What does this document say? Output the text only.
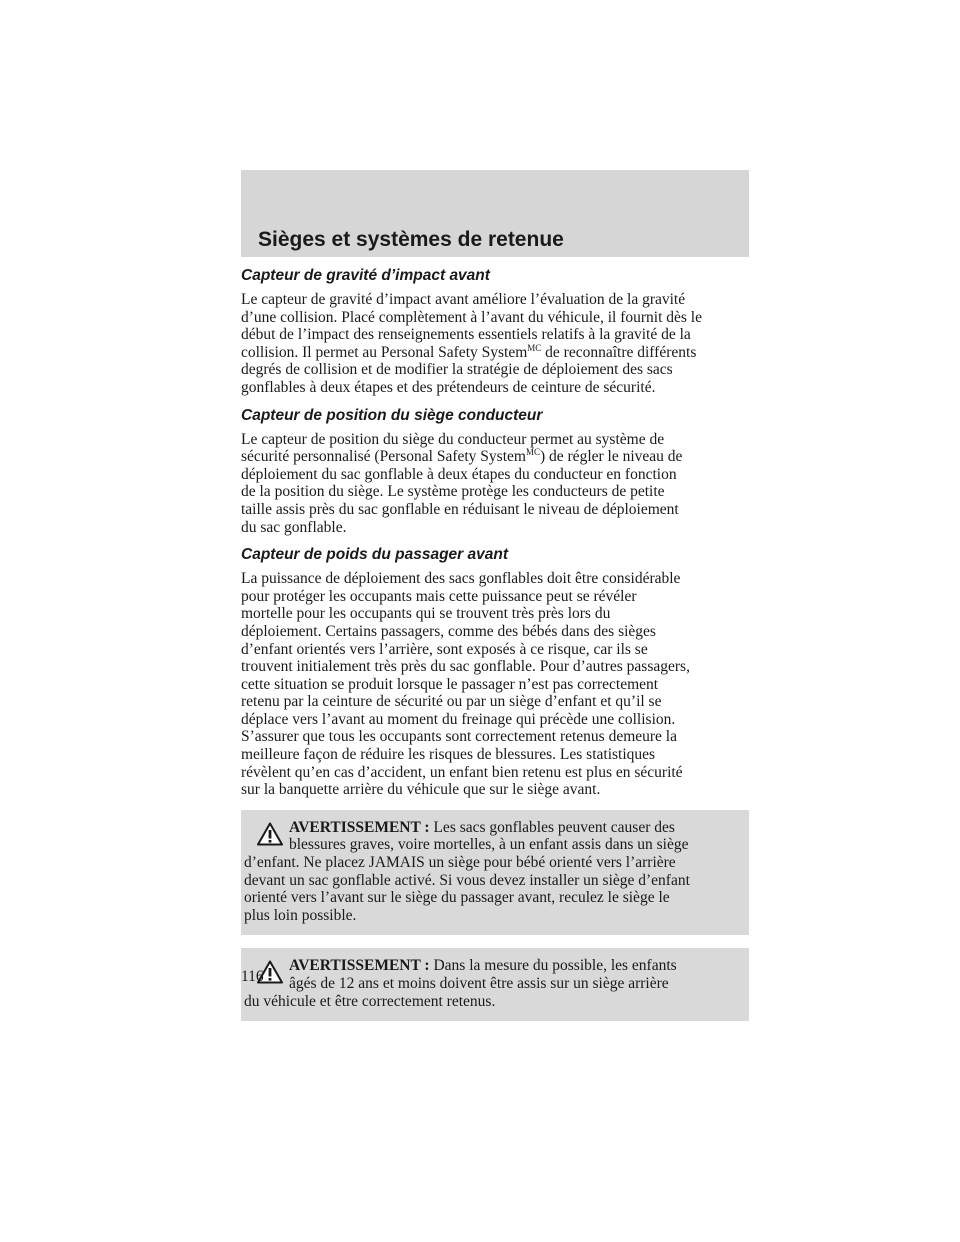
Sièges et systèmes de retenue
Capteur de gravité d’impact avant
Le capteur de gravité d’impact avant améliore l’évaluation de la gravité
d’une collision. Placé complètement à l’avant du véhicule, il fournit dès le
début de l’impact des renseignements essentiels relatifs à la gravité de la
collision. Il permet au Personal Safety System$^{MC}$ de reconnaître différents
degrés de collision et de modifier la stratégie de déploiement des sacs
gonflables à deux étapes et des prétendeurs de ceinture de sécurité.
Capteur de position du siège conducteur
Le capteur de position du siège du conducteur permet au système de
sécurité personnalisé (Personal Safety System$^{MC}$) de régler le niveau de
déploiement du sac gonflable à deux étapes du conducteur en fonction
de la position du siège. Le système protège les conducteurs de petite
taille assis près du sac gonflable en réduisant le niveau de déploiement
du sac gonflable.
Capteur de poids du passager avant
La puissance de déploiement des sacs gonflables doit être considérable
pour protéger les occupants mais cette puissance peut se révéler
mortelle pour les occupants qui se trouvent très près lors du
déploiement. Certains passagers, comme des bébés dans des sièges
d’enfant orientés vers l’arrière, sont exposés à ce risque, car ils se
trouvent initialement très près du sac gonflable. Pour d’autres passagers,
cette situation se produit lorsque le passager n’est pas correctement
retenu par la ceinture de sécurité ou par un siège d’enfant et qu’il se
déplace vers l’avant au moment du freinage qui précède une collision.
S’assurer que tous les occupants sont correctement retenus demeure la
meilleure façon de réduire les risques de blessures. Les statistiques
révèlent qu’en cas d’accident, un enfant bien retenu est plus en sécurité
sur la banquette arrière du véhicule que sur le siège avant.
AVERTISSEMENT : Les sacs gonflables peuvent causer des
blessures graves, voire mortelles, à un enfant assis dans un siège
d’enfant. Ne placez JAMAIS un siège pour bébé orienté vers l’arrière
devant un sac gonflable activé. Si vous devez installer un siège d’enfant
orienté vers l’avant sur le siège du passager avant, reculez le siège le
plus loin possible.
AVERTISSEMENT : Dans la mesure du possible, les enfants
âgés de 12 ans et moins doivent être assis sur un siège arrière
du véhicule et être correctement retenus.
116
